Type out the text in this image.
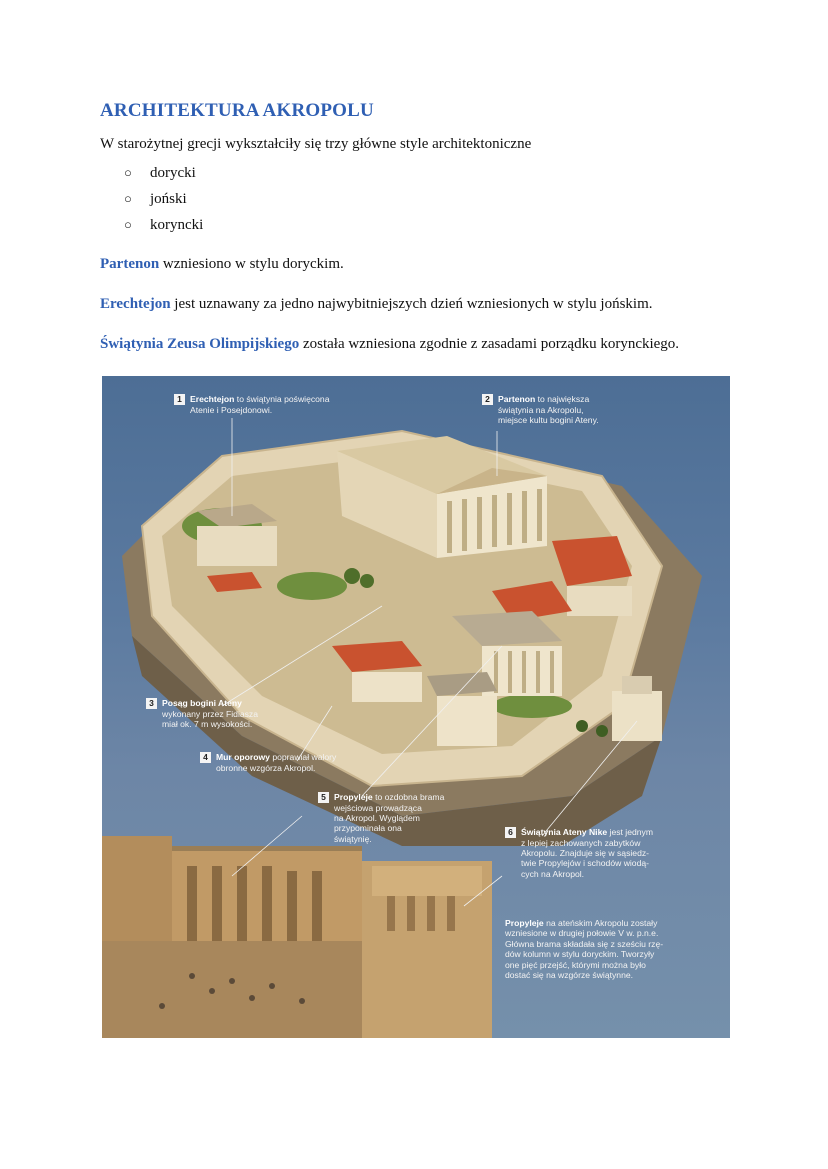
ARCHITEKTURA AKROPOLU

W starożytnej grecji wykształciły się trzy główne style architektoniczne

○	dorycki
○	joński
○	koryncki

Partenon wzniesiono w stylu doryckim.

Erechtejon jest uznawany za jedno najwybitniejszych dzień wzniesionych w stylu jońskim.

Świątynia Zeusa Olimpijskiego została wzniesiona zgodnie z zasadami porządku korynckiego.

1 Erechtejon to świątynia poświęcona
Atenie i Posejdonowi.
2 Partenon to największa
świątynia na Akropolu,
miejsce kultu bogini Ateny.
3 Posąg bogini Ateny
wykonany przez Fidiasza
miał ok. 7 m wysokości.
4 Mur oporowy poprawiał walory
obronne wzgórza Akropol.
5 Propyleje to ozdobna brama
wejściowa prowadząca
na Akropol. Wyglądem
przypominała ona
świątynię.
6 Świątynia Ateny Nike jest jednym
z lepiej zachowanych zabytków
Akropolu. Znajduje się w sąsiedz-
twie Propylejów i schodów wiodą-
cych na Akropol.
Propyleje na ateńskim Akropolu zostały
wzniesione w drugiej połowie V w. p.n.e.
Główna brama składała się z sześciu rzę-
dów kolumn w stylu doryckim. Tworzyły
one pięć przejść, którymi można było
dostać się na wzgórze świątynne.
